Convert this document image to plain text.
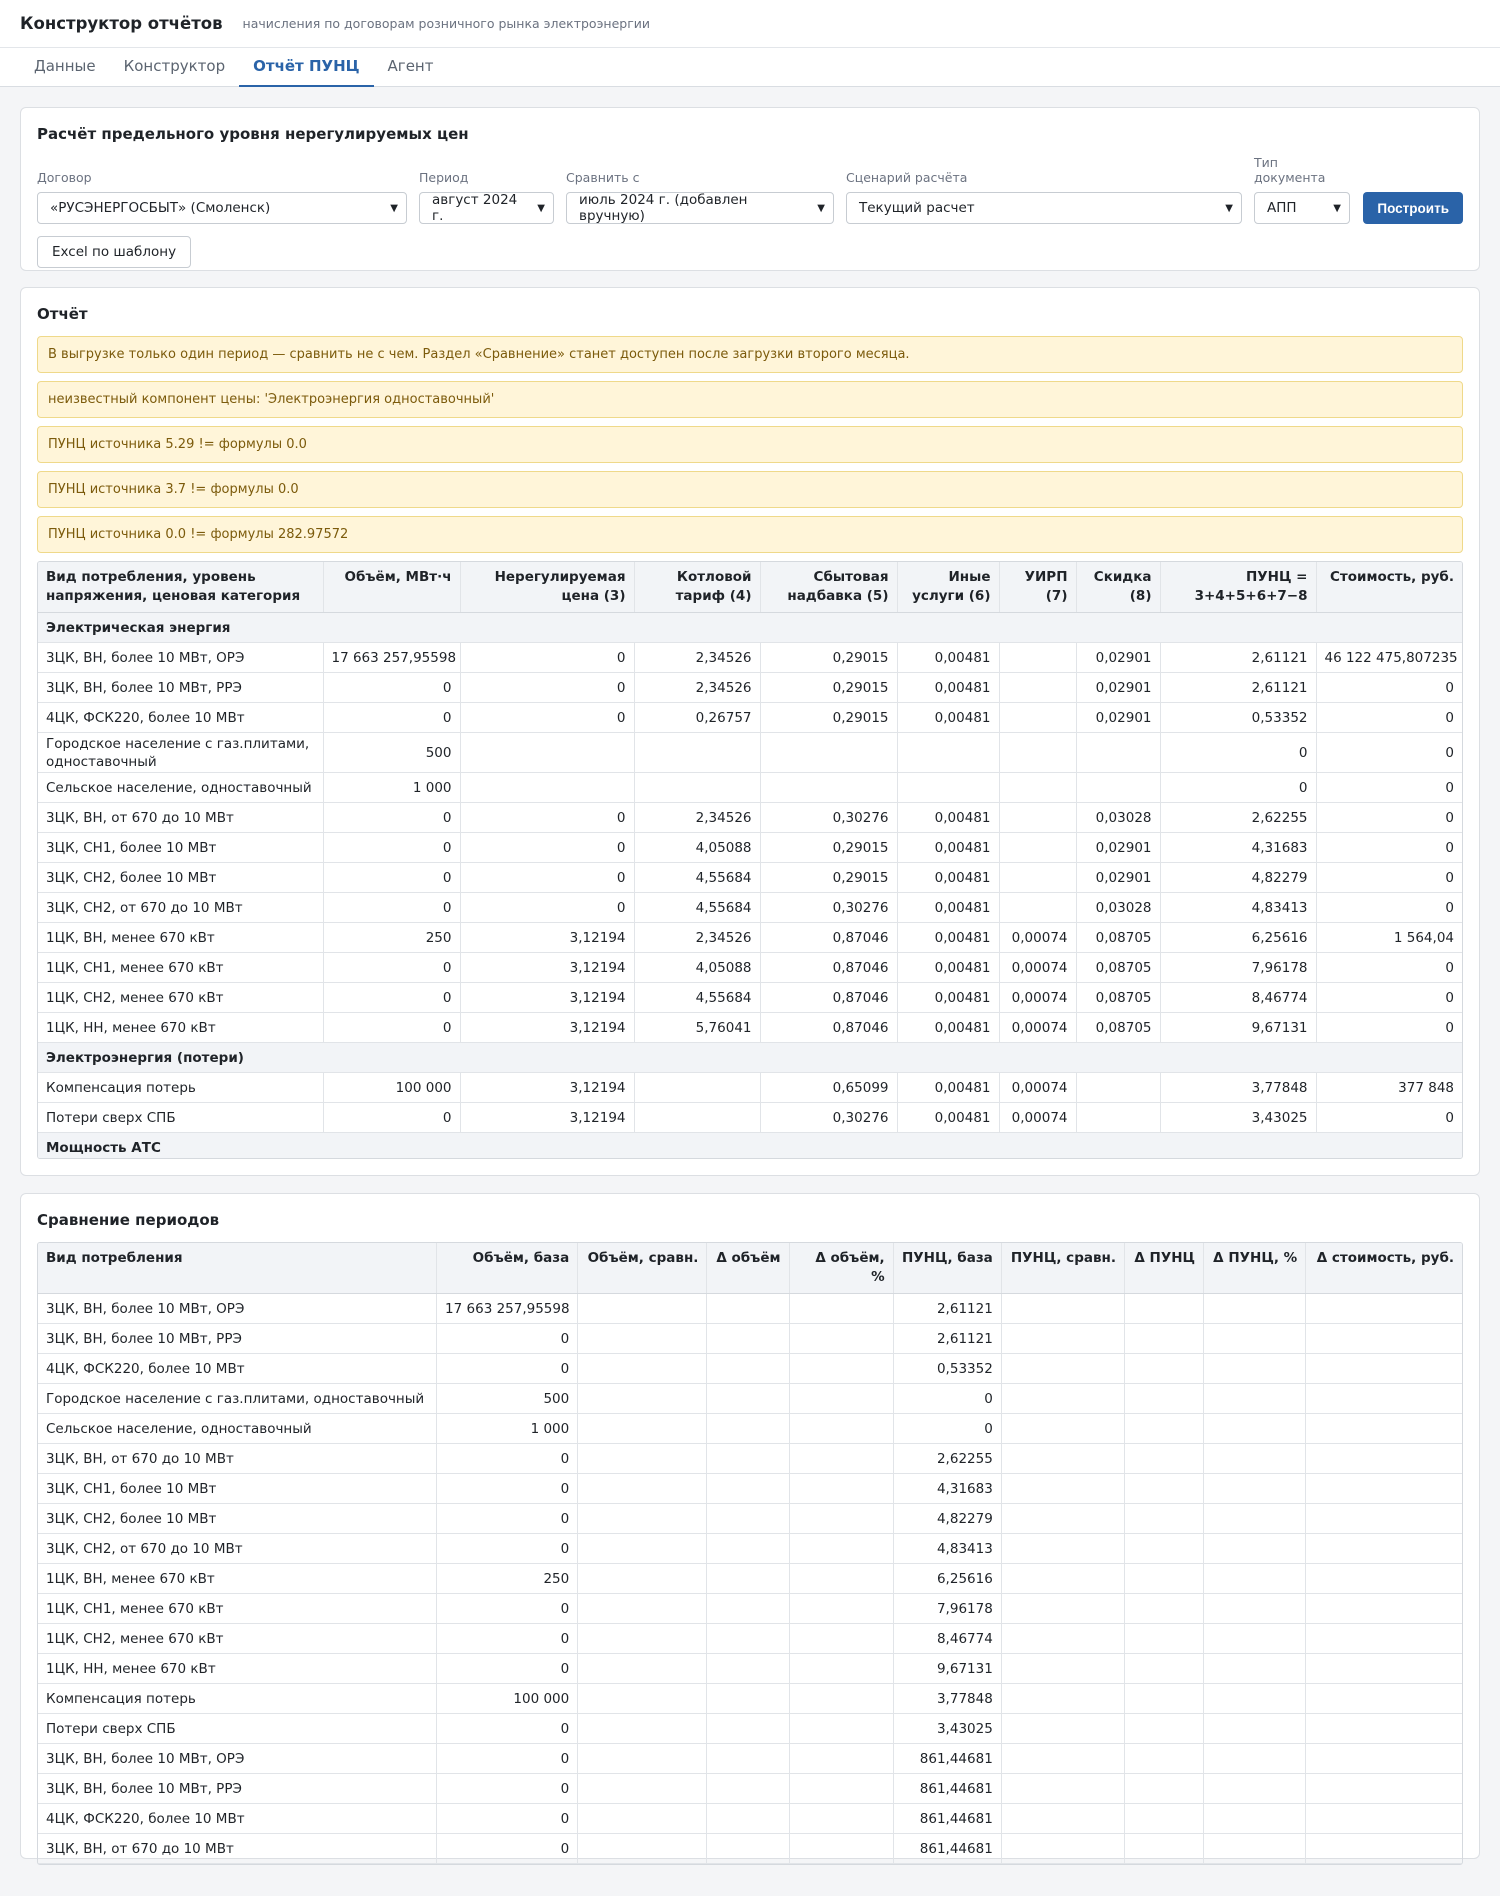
Конструктор отчётов начисления по договорам розничного рынка электроэнергии
Данные	Конструктор	Отчёт ПУНЦ	Агент
Расчёт предельного уровня нерегулируемых цен
Договор
«РУСЭНЕРГОСБЫТ» (Смоленск)	▼
Период
август 2024 г.	▼
Сравнить с
июль 2024 г. (добавлен вручную)	▼
Сценарий расчёта
Текущий расчет	▼
Тип документа
АПП	▼	Построить
Excel по шаблону
Отчёт
В выгрузке только один период — сравнить не с чем. Раздел «Сравнение» станет доступен после загрузки второго месяца.
неизвестный компонент цены: 'Электроэнергия одноставочный'
ПУНЦ источника 5.29 != формулы 0.0
ПУНЦ источника 3.7 != формулы 0.0
ПУНЦ источника 0.0 != формулы 282.97572
Вид потребления, уровень напряжения, ценовая категория	Объём, МВт·ч	Нерегулируемая цена (3)	Котловой тариф (4)	Сбытовая надбавка (5)	Иные услуги (6)	УИРП (7)	Скидка (8)	ПУНЦ = 3+4+5+6+7−8	Стоимость, руб.
Электрическая энергия									
3ЦК, ВН, более 10 МВт, ОРЭ	17 663 257,95598	0	2,34526	0,29015	0,00481		0,02901	2,61121	46 122 475,807235
3ЦК, ВН, более 10 МВт, РРЭ	0	0	2,34526	0,29015	0,00481		0,02901	2,61121	0
4ЦК, ФСК220, более 10 МВт	0	0	0,26757	0,29015	0,00481		0,02901	0,53352	0
Городское население с газ.плитами, одноставочный	500							0	0
Сельское население, одноставочный	1 000							0	0
3ЦК, ВН, от 670 до 10 МВт	0	0	2,34526	0,30276	0,00481		0,03028	2,62255	0
3ЦК, СН1, более 10 МВт	0	0	4,05088	0,29015	0,00481		0,02901	4,31683	0
3ЦК, СН2, более 10 МВт	0	0	4,55684	0,29015	0,00481		0,02901	4,82279	0
3ЦК, СН2, от 670 до 10 МВт	0	0	4,55684	0,30276	0,00481		0,03028	4,83413	0
1ЦК, ВН, менее 670 кВт	250	3,12194	2,34526	0,87046	0,00481	0,00074	0,08705	6,25616	1 564,04
1ЦК, СН1, менее 670 кВт	0	3,12194	4,05088	0,87046	0,00481	0,00074	0,08705	7,96178	0
1ЦК, СН2, менее 670 кВт	0	3,12194	4,55684	0,87046	0,00481	0,00074	0,08705	8,46774	0
1ЦК, НН, менее 670 кВт	0	3,12194	5,76041	0,87046	0,00481	0,00074	0,08705	9,67131	0
Электроэнергия (потери)									
Компенсация потерь	100 000	3,12194		0,65099	0,00481	0,00074		3,77848	377 848
Потери сверх СПБ	0	3,12194		0,30276	0,00481	0,00074		3,43025	0
Мощность АТС									
Сравнение периодов
Вид потребления	Объём, база	Объём, сравн.	Δ объём	Δ объём, %	ПУНЦ, база	ПУНЦ, сравн.	Δ ПУНЦ	Δ ПУНЦ, %	Δ стоимость, руб.
3ЦК, ВН, более 10 МВт, ОРЭ	17 663 257,95598				2,61121				
3ЦК, ВН, более 10 МВт, РРЭ	0				2,61121				
4ЦК, ФСК220, более 10 МВт	0				0,53352				
Городское население с газ.плитами, одноставочный	500				0				
Сельское население, одноставочный	1 000				0				
3ЦК, ВН, от 670 до 10 МВт	0				2,62255				
3ЦК, СН1, более 10 МВт	0				4,31683				
3ЦК, СН2, более 10 МВт	0				4,82279				
3ЦК, СН2, от 670 до 10 МВт	0				4,83413				
1ЦК, ВН, менее 670 кВт	250				6,25616				
1ЦК, СН1, менее 670 кВт	0				7,96178				
1ЦК, СН2, менее 670 кВт	0				8,46774				
1ЦК, НН, менее 670 кВт	0				9,67131				
Компенсация потерь	100 000				3,77848				
Потери сверх СПБ	0				3,43025				
3ЦК, ВН, более 10 МВт, ОРЭ	0				861,44681				
3ЦК, ВН, более 10 МВт, РРЭ	0				861,44681				
4ЦК, ФСК220, более 10 МВт	0				861,44681				
3ЦК, ВН, от 670 до 10 МВт	0				861,44681				
